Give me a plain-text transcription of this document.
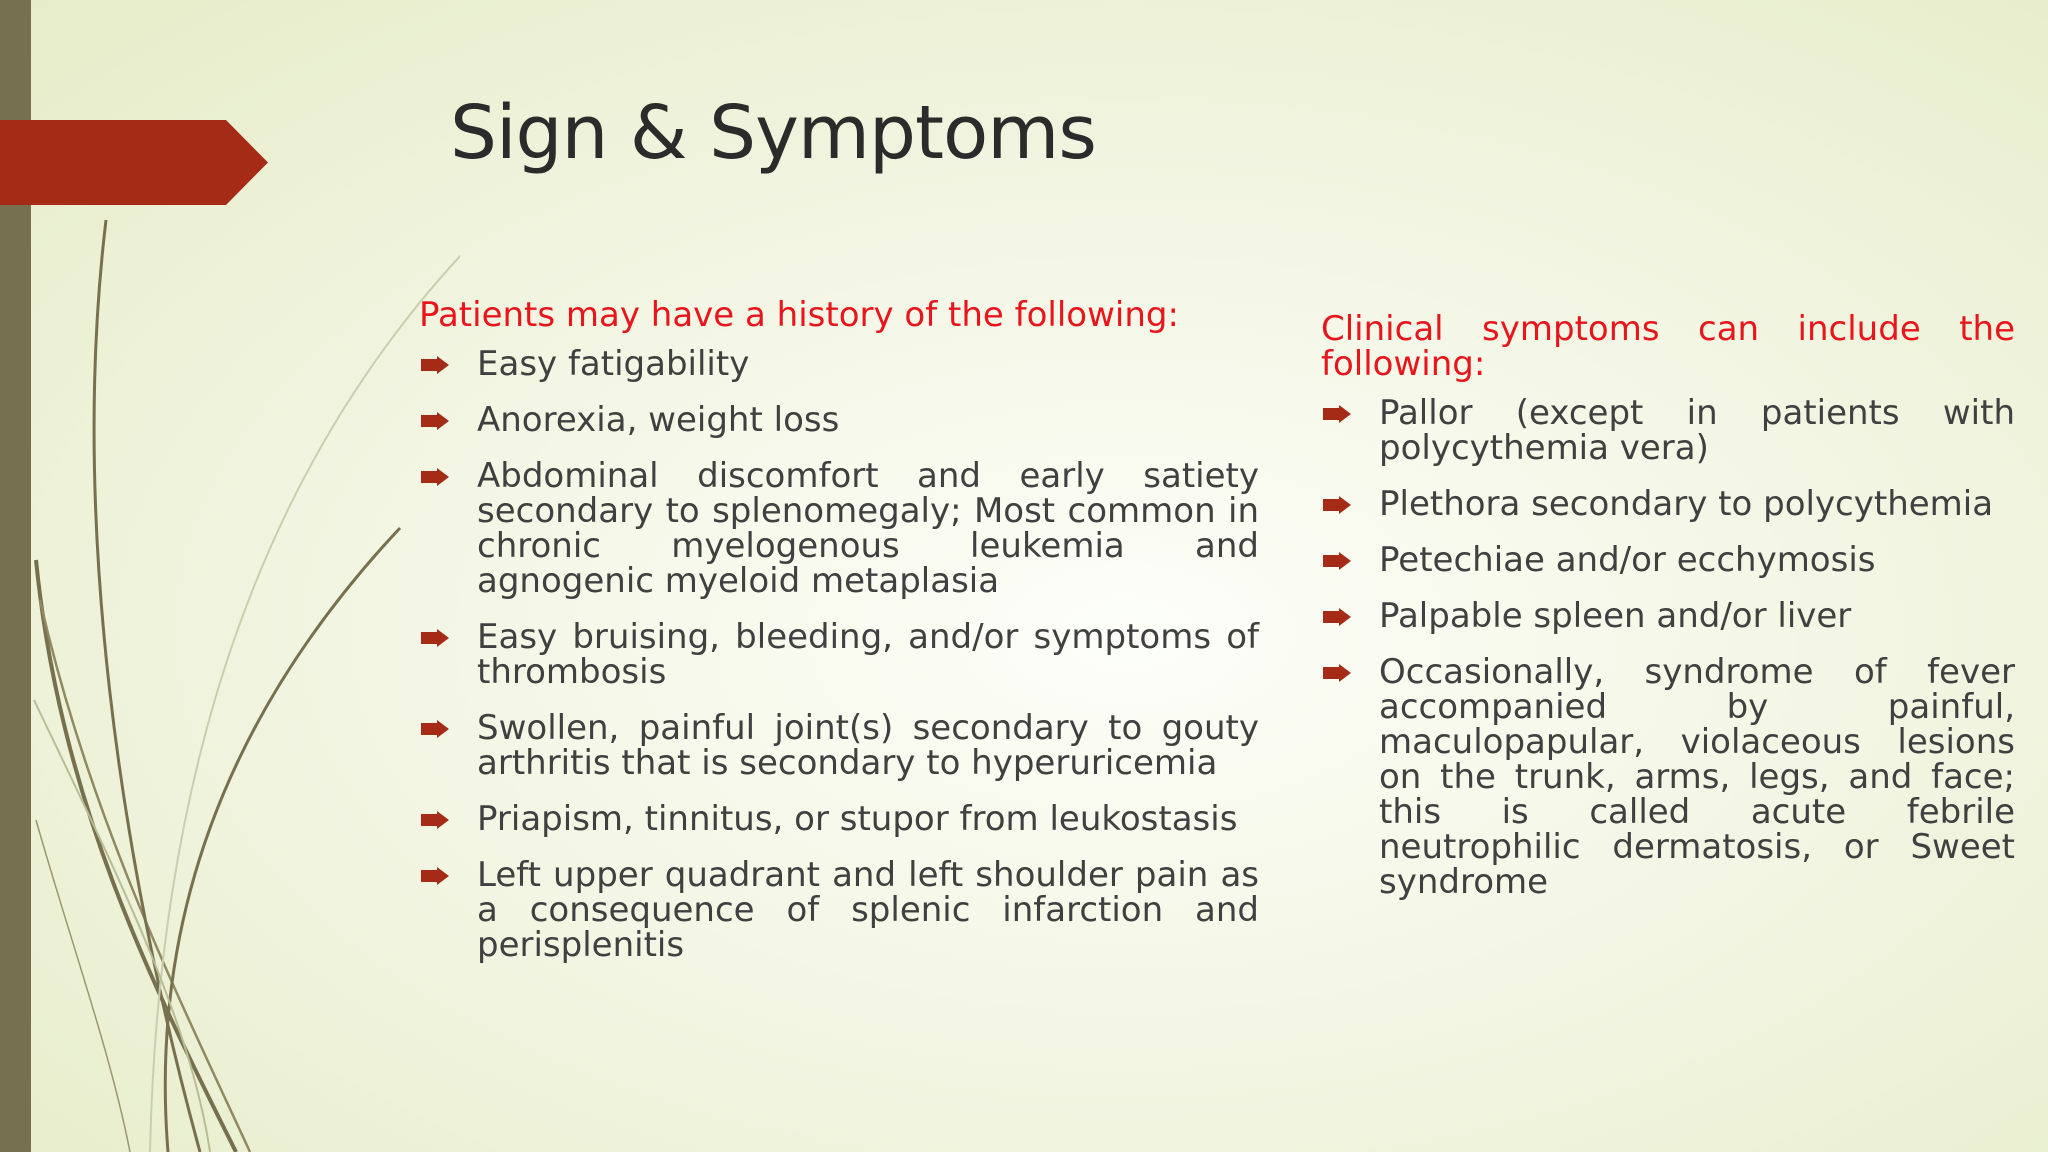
Sign & Symptoms
Patients may have a history of the following:
Easy fatigability
Anorexia, weight loss
Abdominal discomfort and early satiety secondary to splenomegaly; Most common in chronic myelogenous leukemia and agnogenic myeloid metaplasia
Easy bruising, bleeding, and/or symptoms of thrombosis
Swollen, painful joint(s) secondary to gouty arthritis that is secondary to hyperuricemia
Priapism, tinnitus, or stupor from leukostasis
Left upper quadrant and left shoulder pain as a consequence of splenic infarction and perisplenitis
Clinical symptoms can include the following:
Pallor (except in patients with polycythemia vera)
Plethora secondary to polycythemia
Petechiae and/or ecchymosis
Palpable spleen and/or liver
Occasionally, syndrome of fever accompanied by painful, maculopapular, violaceous lesions on the trunk, arms, legs, and face; this is called acute febrile neutrophilic dermatosis, or Sweet syndrome
